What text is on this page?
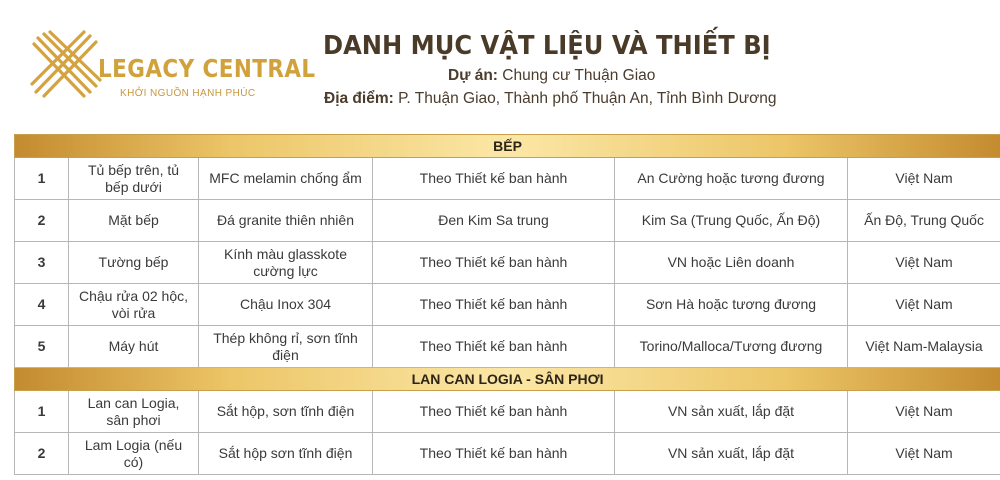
LEGACY CENTRAL
KHỞI NGUỒN HẠNH PHÚC
DANH MỤC VẬT LIỆU VÀ THIẾT BỊ
Dự án: Chung cư Thuận Giao
Địa điểm: P. Thuận Giao, Thành phố Thuận An, Tỉnh Bình Dương
BẾP					
1	Tủ bếp trên, tủ bếp dưới	MFC melamin chống ẩm	Theo Thiết kế ban hành	An Cường hoặc tương đương	Việt Nam
2	Mặt bếp	Đá granite thiên nhiên	Đen Kim Sa trung	Kim Sa (Trung Quốc, Ấn Độ)	Ấn Độ, Trung Quốc
3	Tường bếp	Kính màu glasskote cường lực	Theo Thiết kế ban hành	VN hoặc Liên doanh	Việt Nam
4	Chậu rửa 02 hộc, vòi rửa	Chậu Inox 304	Theo Thiết kế ban hành	Sơn Hà hoặc tương đương	Việt Nam
5	Máy hút	Thép không rỉ, sơn tĩnh điện	Theo Thiết kế ban hành	Torino/Malloca/Tương đương	Việt Nam-Malaysia
LAN CAN LOGIA - SÂN PHƠI					
1	Lan can Logia, sân phơi	Sắt hộp, sơn tĩnh điện	Theo Thiết kế ban hành	VN sản xuất, lắp đặt	Việt Nam
2	Lam Logia (nếu có)	Sắt hộp sơn tĩnh điện	Theo Thiết kế ban hành	VN sản xuất, lắp đặt	Việt Nam
